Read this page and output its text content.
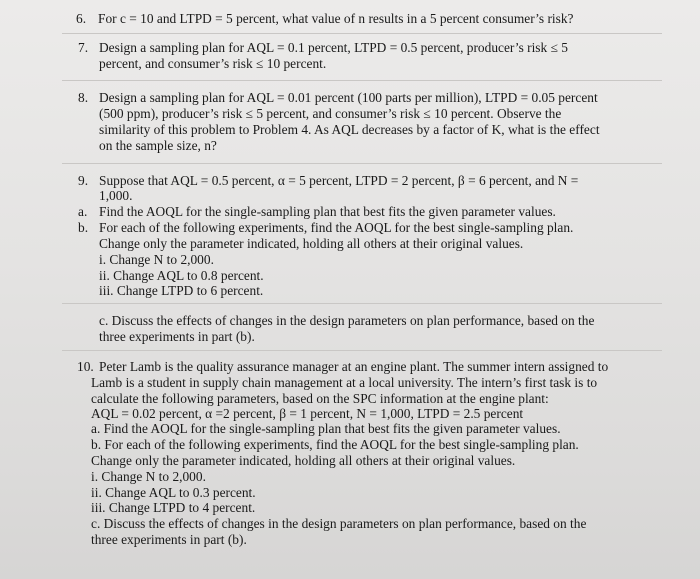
6. For c = 10 and LTPD = 5 percent, what value of n results in a 5 percent consumer’s risk?
7. Design a sampling plan for AQL = 0.1 percent, LTPD = 0.5 percent, producer’s risk ≤ 5
percent, and consumer’s risk ≤ 10 percent.
8. Design a sampling plan for AQL = 0.01 percent (100 parts per million), LTPD = 0.05 percent
(500 ppm), producer’s risk ≤ 5 percent, and consumer’s risk ≤ 10 percent. Observe the
similarity of this problem to Problem 4. As AQL decreases by a factor of K, what is the effect
on the sample size, n?
9. Suppose that AQL = 0.5 percent, α = 5 percent, LTPD = 2 percent, β = 6 percent, and N =
1,000.
a. Find the AOQL for the single-sampling plan that best fits the given parameter values.
b. For each of the following experiments, find the AOQL for the best single-sampling plan.
Change only the parameter indicated, holding all others at their original values.
i. Change N to 2,000.
ii. Change AQL to 0.8 percent.
iii. Change LTPD to 6 percent.
c. Discuss the effects of changes in the design parameters on plan performance, based on the
three experiments in part (b).
10. Peter Lamb is the quality assurance manager at an engine plant. The summer intern assigned to
Lamb is a student in supply chain management at a local university. The intern’s first task is to
calculate the following parameters, based on the SPC information at the engine plant:
AQL = 0.02 percent, α =2 percent, β = 1 percent, N = 1,000, LTPD = 2.5 percent
a. Find the AOQL for the single-sampling plan that best fits the given parameter values.
b. For each of the following experiments, find the AOQL for the best single-sampling plan.
Change only the parameter indicated, holding all others at their original values.
i. Change N to 2,000.
ii. Change AQL to 0.3 percent.
iii. Change LTPD to 4 percent.
c. Discuss the effects of changes in the design parameters on plan performance, based on the
three experiments in part (b).
